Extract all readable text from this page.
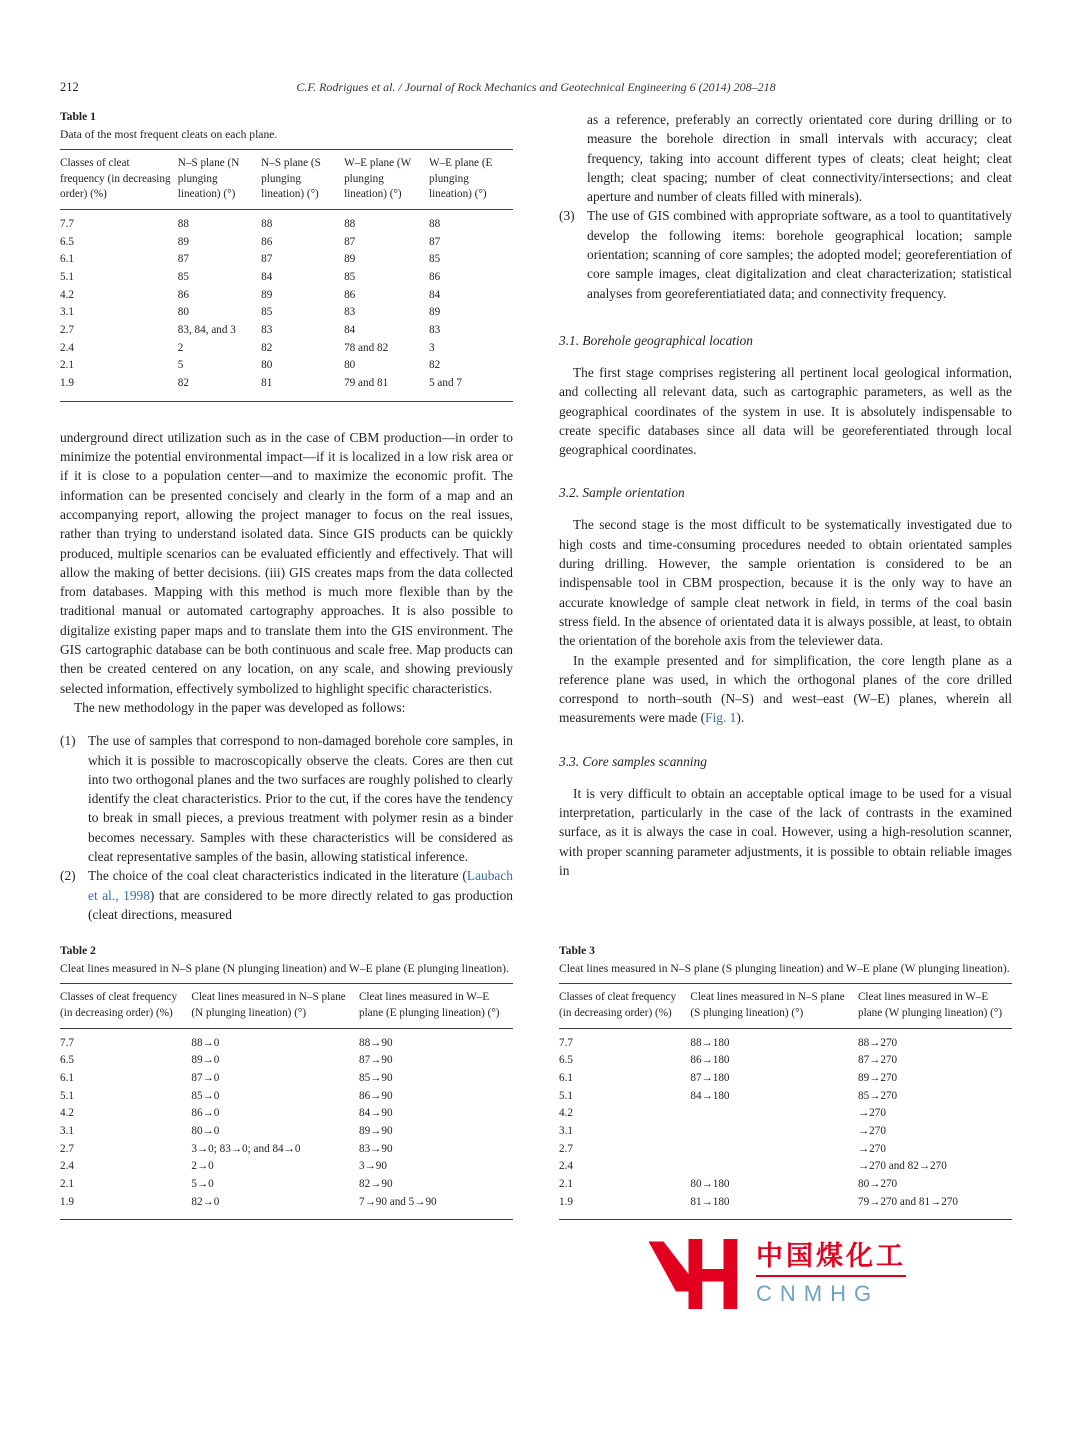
212	C.F. Rodrigues et al. / Journal of Rock Mechanics and Geotechnical Engineering 6 (2014) 208–218
Table 1
Data of the most frequent cleats on each plane.
Classes of cleat frequency (in decreasing order) (%)	N–S plane (N plunging lineation) (°)	N–S plane (S plunging lineation) (°)	W–E plane (W plunging lineation) (°)	W–E plane (E plunging lineation) (°)
7.7	88	88	88	88
6.5	89	86	87	87
6.1	87	87	89	85
5.1	85	84	85	86
4.2	86	89	86	84
3.1	80	85	83	89
2.7	83, 84, and 3	83	84	83
2.4	2	82	78 and 82	3
2.1	5	80	80	82
1.9	82	81	79 and 81	5 and 7

underground direct utilization such as in the case of CBM production—in order to minimize the potential environmental impact—if it is localized in a low risk area or if it is close to a population center—and to maximize the economic profit. The information can be presented concisely and clearly in the form of a map and an accompanying report, allowing the project manager to focus on the real issues, rather than trying to understand isolated data. Since GIS products can be quickly produced, multiple scenarios can be evaluated efficiently and effectively. That will allow the making of better decisions. (iii) GIS creates maps from the data collected from databases. Mapping with this method is much more flexible than by the traditional manual or automated cartography approaches. It is also possible to digitalize existing paper maps and to translate them into the GIS environment. The GIS cartographic database can be both continuous and scale free. Map products can then be created centered on any location, on any scale, and showing previously selected information, effectively symbolized to highlight specific characteristics.

The new methodology in the paper was developed as follows:

(1) The use of samples that correspond to non-damaged borehole core samples, in which it is possible to macroscopically observe the cleats. Cores are then cut into two orthogonal planes and the two surfaces are roughly polished to clearly identify the cleat characteristics. Prior to the cut, if the cores have the tendency to break in small pieces, a previous treatment with polymer resin as a binder becomes necessary. Samples with these characteristics will be considered as cleat representative samples of the basin, allowing statistical inference.
(2) The choice of the coal cleat characteristics indicated in the literature (Laubach et al., 1998) that are considered to be more directly related to gas production (cleat directions, measured

as a reference, preferably an correctly orientated core during drilling or to measure the borehole direction in small intervals with accuracy; cleat frequency, taking into account different types of cleats; cleat height; cleat length; cleat spacing; number of cleat connectivity/intersections; and cleat aperture and number of cleats filled with minerals).

(3) The use of GIS combined with appropriate software, as a tool to quantitatively develop the following items: borehole geographical location; sample orientation; scanning of core samples; the adopted model; georeferentiation of core sample images, cleat digitalization and cleat characterization; statistical analyses from georeferentiatiated data; and connectivity frequency.
3.1. Borehole geographical location

The first stage comprises registering all pertinent local geological information, and collecting all relevant data, such as cartographic parameters, as well as the geographical coordinates of the system in use. It is absolutely indispensable to create specific databases since all data will be georeferentiated through local geographical coordinates.

3.2. Sample orientation

The second stage is the most difficult to be systematically investigated due to high costs and time-consuming procedures needed to obtain orientated samples during drilling. However, the sample orientation is considered to be an indispensable tool in CBM prospection, because it is the only way to have an accurate knowledge of sample cleat network in field, in terms of the coal basin stress field. In the absence of orientated data it is always possible, at least, to obtain the orientation of the borehole axis from the televiewer data.

In the example presented and for simplification, the core length plane as a reference plane was used, in which the orthogonal planes of the core drilled correspond to north–south (N–S) and west–east (W–E) planes, wherein all measurements were made (Fig. 1).

3.3. Core samples scanning

It is very difficult to obtain an acceptable optical image to be used for a visual interpretation, particularly in the case of the lack of contrasts in the examined surface, as it is always the case in coal. However, using a high-resolution scanner, with proper scanning parameter adjustments, it is possible to obtain reliable images in

Table 2
Cleat lines measured in N–S plane (N plunging lineation) and W–E plane (E plunging lineation).
Classes of cleat frequency (in decreasing order) (%)	Cleat lines measured in N–S plane (N plunging lineation) (°)	Cleat lines measured in W–E plane (E plunging lineation) (°)
7.7	88→0	88→90
6.5	89→0	87→90
6.1	87→0	85→90
5.1	85→0	86→90
4.2	86→0	84→90
3.1	80→0	89→90
2.7	3→0; 83→0; and 84→0	83→90
2.4	2→0	3→90
2.1	5→0	82→90
1.9	82→0	7→90 and 5→90
Table 3
Cleat lines measured in N–S plane (S plunging lineation) and W–E plane (W plunging lineation).
Classes of cleat frequency (in decreasing order) (%)	Cleat lines measured in N–S plane (S plunging lineation) (°)	Cleat lines measured in W–E plane (W plunging lineation) (°)
7.7	88→180	88→270
6.5	86→180	87→270
6.1	87→180	89→270
5.1	84→180	85→270
4.2		→270
3.1		→270
2.7		→270
2.4		→270 and 82→270
2.1	80→180	80→270
1.9	81→180	79→270 and 81→270
中国煤化工
CNMHG
